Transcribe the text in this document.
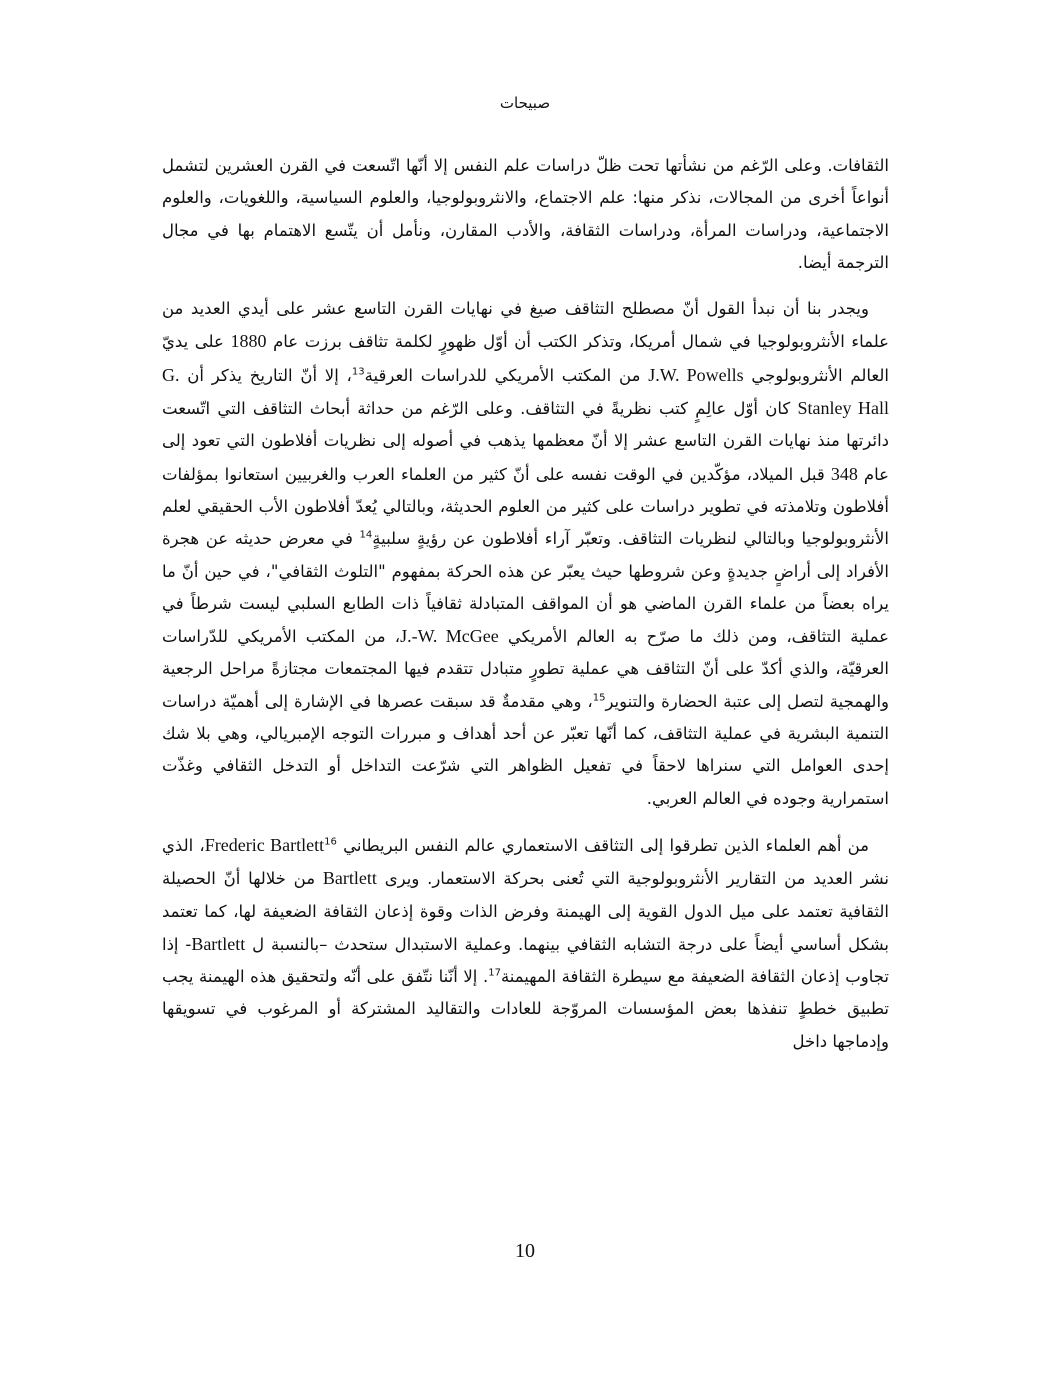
صبيحات

الثقافات. وعلى الرّغم من نشأتها تحت ظلّ دراسات علم النفس إلا أنّها اتّسعت في القرن العشرين لتشمل أنواعاً أخرى من المجالات، نذكر منها: علم الاجتماع، والانثروبولوجيا، والعلوم السياسية، واللغويات، والعلوم الاجتماعية، ودراسات المرأة، ودراسات الثقافة، والأدب المقارن، ونأمل أن يتّسع الاهتمام بها في مجال الترجمة أيضا.

ويجدر بنا أن نبدأ القول أنّ مصطلح التثاقف صيغ في نهايات القرن التاسع عشر على أيدي العديد من علماء الأنثروبولوجيا في شمال أمريكا، وتذكر الكتب أن أوّل ظهورٍ لكلمة تثاقف برزت عام 1880 على يديّ العالم الأنثروبولوجي J.W. Powells من المكتب الأمريكي للدراسات العرقية$^{13}$، إلا أنّ التاريخ يذكر أن G. Stanley Hall كان أوّل عالِمٍ كتب نظريةً في التثاقف. وعلى الرّغم من حداثة أبحاث التثاقف التي اتّسعت دائرتها منذ نهايات القرن التاسع عشر إلا أنّ معظمها يذهب في أصوله إلى نظريات أفلاطون التي تعود إلى عام 348 قبل الميلاد، مؤكّدين في الوقت نفسه على أنّ كثير من العلماء العرب والغربيين استعانوا بمؤلفات أفلاطون وتلامذته في تطوير دراسات على كثير من العلوم الحديثة، وبالتالي يُعدّ أفلاطون الأب الحقيقي لعلم الأنثروبولوجيا وبالتالي لنظريات التثاقف. وتعبّر آراء أفلاطون عن رؤيةٍ سلبيةٍ$^{14}$ في معرض حديثه عن هجرة الأفراد إلى أراضٍ جديدةٍ وعن شروطها حيث يعبّر عن هذه الحركة بمفهوم "التلوث الثقافي"، في حين أنّ ما يراه بعضاً من علماء القرن الماضي هو أن المواقف المتبادلة ثقافياً ذات الطابع السلبي ليست شرطاً في عملية التثاقف، ومن ذلك ما صرّح به العالم الأمريكي J.-W. McGee، من المكتب الأمريكي للدّراسات العرقيّة، والذي أكدّ على أنّ التثاقف هي عملية تطورٍ متبادل تتقدم فيها المجتمعات مجتازةً مراحل الرجعية والهمجية لتصل إلى عتبة الحضارة والتنوير$^{15}$، وهي مقدمةٌ قد سبقت عصرها في الإشارة إلى أهميّة دراسات التنمية البشرية في عملية التثاقف، كما أنّها تعبّر عن أحد أهداف و مبررات التوجه الإمبريالي، وهي بلا شك إحدى العوامل التي سنراها لاحقاً في تفعيل الظواهر التي شرّعت التداخل أو التدخل الثقافي وغذّت استمرارية وجوده في العالم العربي.

من أهم العلماء الذين تطرقوا إلى التثاقف الاستعماري عالم النفس البريطاني Frederic Bartlett$^{16}$، الذي نشر العديد من التقارير الأنثروبولوجية التي تُعنى بحركة الاستعمار. ويرى Bartlett من خلالها أنّ الحصيلة الثقافية تعتمد على ميل الدول القوية إلى الهيمنة وفرض الذات وقوة إذعان الثقافة الضعيفة لها، كما تعتمد بشكل أساسي أيضاً على درجة التشابه الثقافي بينهما. وعملية الاستبدال ستحدث –بالنسبة ل Bartlett- إذا تجاوب إذعان الثقافة الضعيفة مع سيطرة الثقافة المهيمنة$^{17}$. إلا أنّنا نتّفق على أنّه ولتحقيق هذه الهيمنة يجب تطبيق خططٍ تنفذها بعض المؤسسات المروّجة للعادات والتقاليد المشتركة أو المرغوب في تسويقها وإدماجها داخل

10
